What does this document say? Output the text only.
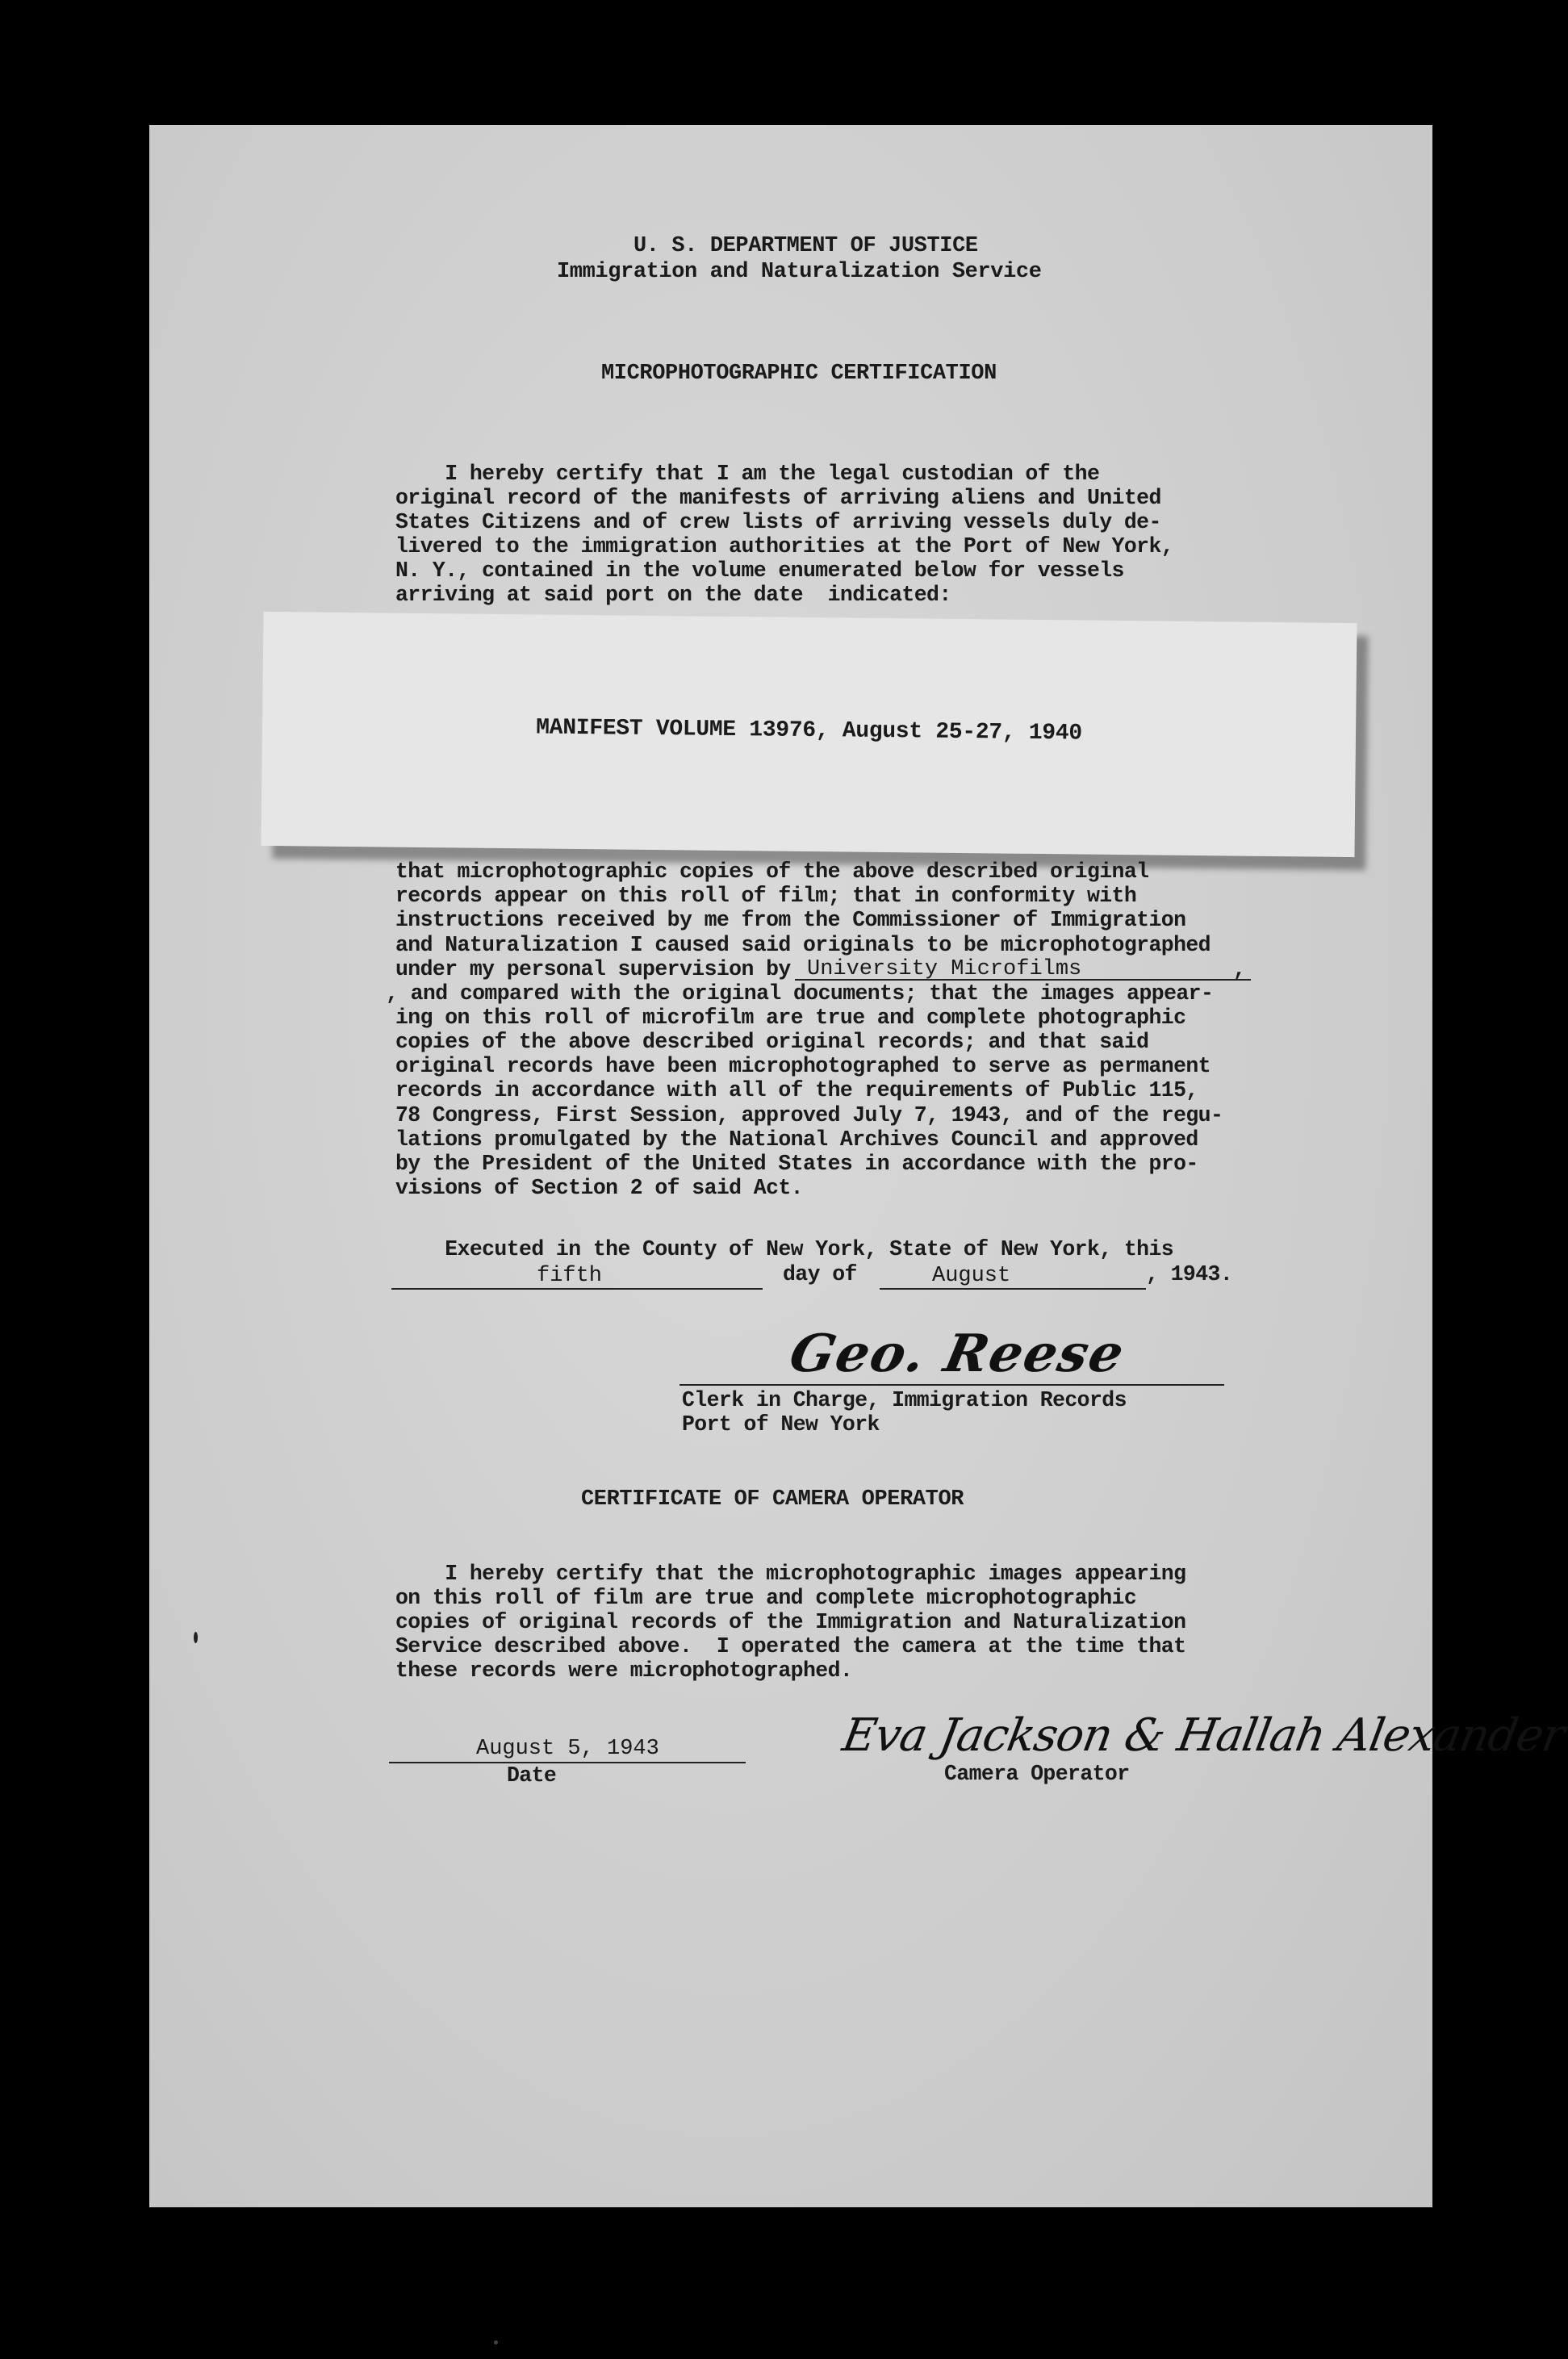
U. S. DEPARTMENT OF JUSTICE
Immigration and Naturalization Service
MICROPHOTOGRAPHIC CERTIFICATION
I hereby certify that I am the legal custodian of the
original record of the manifests of arriving aliens and United
States Citizens and of crew lists of arriving vessels duly de-
livered to the immigration authorities at the Port of New York,
N. Y., contained in the volume enumerated below for vessels
arriving at said port on the date  indicated:
MANIFEST VOLUME 13976, August 25-27, 1940
that microphotographic copies of the above described original
records appear on this roll of film; that in conformity with
instructions received by me from the Commissioner of Immigration
and Naturalization I caused said originals to be microphotographed
under my personal supervision by University Microfilms	,
, and compared with the original documents; that the images appear-
ing on this roll of microfilm are true and complete photographic
copies of the above described original records; and that said
original records have been microphotographed to serve as permanent
records in accordance with all of the requirements of Public 115,
78 Congress, First Session, approved July 7, 1943, and of the regu-
lations promulgated by the National Archives Council and approved
by the President of the United States in accordance with the pro-
visions of Section 2 of said Act.
Executed in the County of New York, State of New York, this
fifth	day of	August	, 1943.
Geo. Reese
Clerk in Charge, Immigration Records
Port of New York
CERTIFICATE OF CAMERA OPERATOR
I hereby certify that the microphotographic images appearing
on this roll of film are true and complete microphotographic
copies of original records of the Immigration and Naturalization
Service described above.  I operated the camera at the time that
these records were microphotographed.
August 5, 1943
Date
Eva Jackson & Hallah Alexander
Camera Operator
